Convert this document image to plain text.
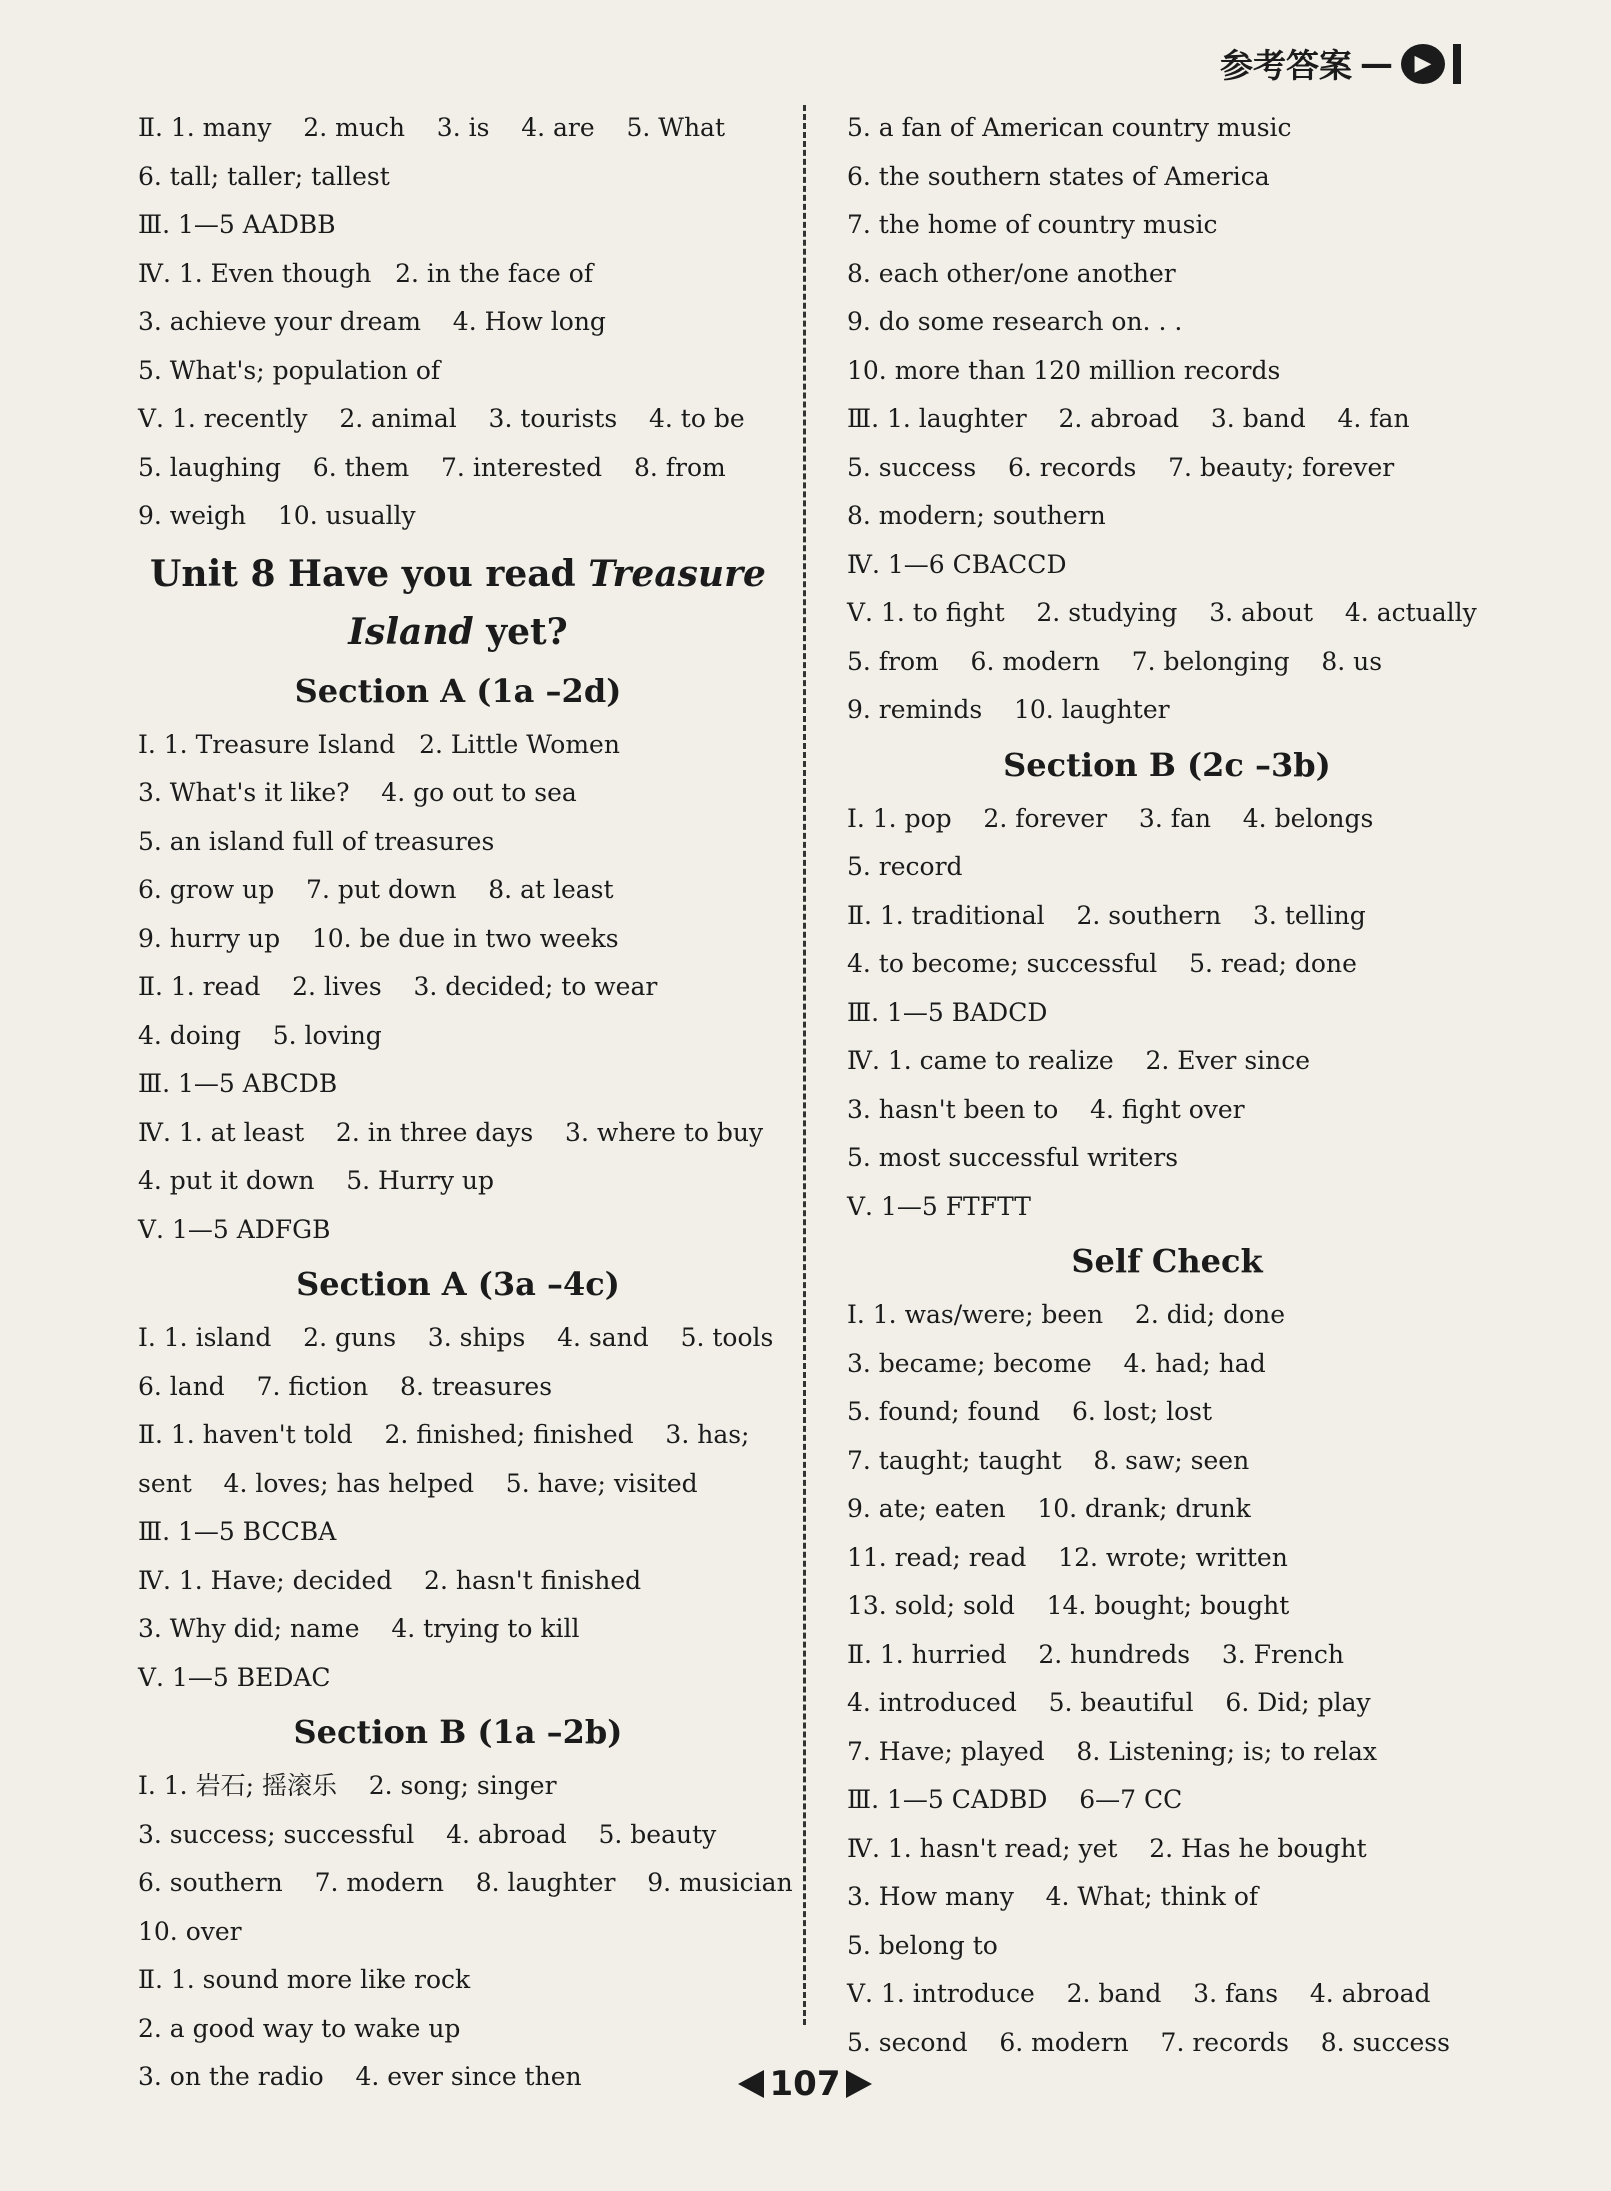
参考答案 — ▶
Ⅱ. 1. many    2. much    3. is    4. are    5. What
6. tall; taller; tallest
Ⅲ. 1—5 AADBB
Ⅳ. 1. Even though   2. in the face of
3. achieve your dream    4. How long
5. What's; population of
Ⅴ. 1. recently    2. animal    3. tourists    4. to be
5. laughing    6. them    7. interested    8. from
9. weigh    10. usually
Unit 8 Have you read Treasure
Island yet?
Section A (1a –2d)
Ⅰ. 1. Treasure Island   2. Little Women
3. What's it like?    4. go out to sea
5. an island full of treasures
6. grow up    7. put down    8. at least
9. hurry up    10. be due in two weeks
Ⅱ. 1. read    2. lives    3. decided; to wear
4. doing    5. loving
Ⅲ. 1—5 ABCDB
Ⅳ. 1. at least    2. in three days    3. where to buy
4. put it down    5. Hurry up
Ⅴ. 1—5 ADFGB
Section A (3a –4c)
Ⅰ. 1. island    2. guns    3. ships    4. sand    5. tools
6. land    7. fiction    8. treasures
Ⅱ. 1. haven't told    2. finished; finished    3. has;
sent    4. loves; has helped    5. have; visited
Ⅲ. 1—5 BCCBA
Ⅳ. 1. Have; decided    2. hasn't finished
3. Why did; name    4. trying to kill
Ⅴ. 1—5 BEDAC
Section B (1a –2b)
Ⅰ. 1. 岩石; 摇滚乐    2. song; singer
3. success; successful    4. abroad    5. beauty
6. southern    7. modern    8. laughter    9. musician
10. over
Ⅱ. 1. sound more like rock
2. a good way to wake up
3. on the radio    4. ever since then
5. a fan of American country music
6. the southern states of America
7. the home of country music
8. each other/one another
9. do some research on. . .
10. more than 120 million records
Ⅲ. 1. laughter    2. abroad    3. band    4. fan
5. success    6. records    7. beauty; forever
8. modern; southern
Ⅳ. 1—6 CBACCD
Ⅴ. 1. to fight    2. studying    3. about    4. actually
5. from    6. modern    7. belonging    8. us
9. reminds    10. laughter
Section B (2c –3b)
Ⅰ. 1. pop    2. forever    3. fan    4. belongs
5. record
Ⅱ. 1. traditional    2. southern    3. telling
4. to become; successful    5. read; done
Ⅲ. 1—5 BADCD
Ⅳ. 1. came to realize    2. Ever since
3. hasn't been to    4. fight over
5. most successful writers
Ⅴ. 1—5 FTFTT
Self Check
Ⅰ. 1. was/were; been    2. did; done
3. became; become    4. had; had
5. found; found    6. lost; lost
7. taught; taught    8. saw; seen
9. ate; eaten    10. drank; drunk
11. read; read    12. wrote; written
13. sold; sold    14. bought; bought
Ⅱ. 1. hurried    2. hundreds    3. French
4. introduced    5. beautiful    6. Did; play
7. Have; played    8. Listening; is; to relax
Ⅲ. 1—5 CADBD    6—7 CC
Ⅳ. 1. hasn't read; yet    2. Has he bought
3. How many    4. What; think of
5. belong to
Ⅴ. 1. introduce    2. band    3. fans    4. abroad
5. second    6. modern    7. records    8. success
107
